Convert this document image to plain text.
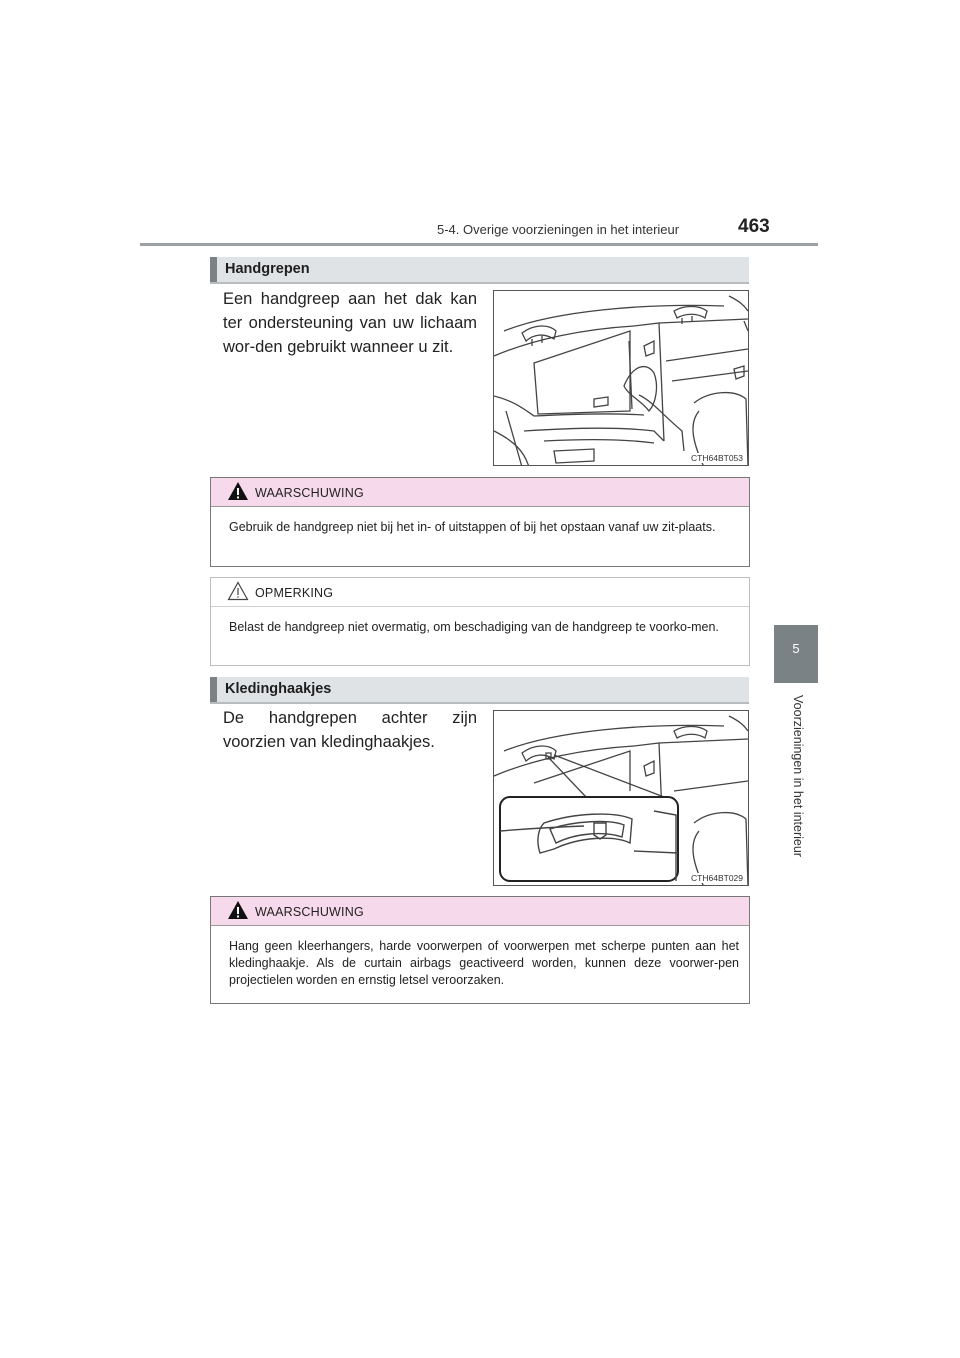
5-4. Overige voorzieningen in het interieur	463
5
Voorzieningen in het interieur
Handgrepen
Een handgreep aan het dak kan ter ondersteuning van uw lichaam wor-den gebruikt wanneer u zit.
CTH64BT053
WAARSCHUWING
Gebruik de handgreep niet bij het in- of uitstappen of bij het opstaan vanaf uw zit-plaats.
OPMERKING
Belast de handgreep niet overmatig, om beschadiging van de handgreep te voorko-men.
Kledinghaakjes
De handgrepen achter zijn voorzien van kledinghaakjes.
CTH64BT029
WAARSCHUWING
Hang geen kleerhangers, harde voorwerpen of voorwerpen met scherpe punten aan het kledinghaakje. Als de curtain airbags geactiveerd worden, kunnen deze voorwer-pen projectielen worden en ernstig letsel veroorzaken.
